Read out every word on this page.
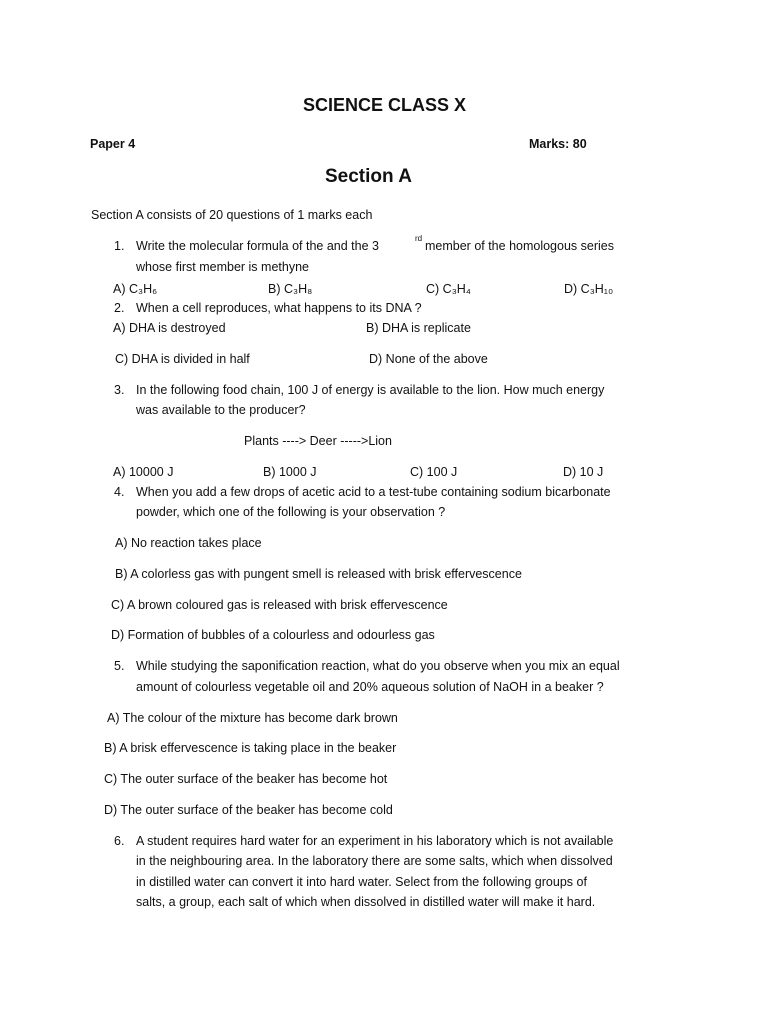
SCIENCE CLASS X
Paper 4	Marks: 80
Section A
Section A consists of 20 questions of 1 marks each
1. Write the molecular formula of the and the 3
rd
member of the homologous series
whose first member is methyne
A) C₃H₆	B) C₃H₈	C) C₃H₄	D) C₃H₁₀
2. When a cell reproduces, what happens to its DNA ?
A) DHA is destroyed	B) DHA is replicate
C) DHA is divided in half	D) None of the above
3. In the following food chain, 100 J of energy is available to the lion. How much energy
was available to the producer?
Plants ----> Deer ----->Lion
A) 10000 J	B) 1000 J	C) 100 J	D) 10 J
4. When you add a few drops of acetic acid to a test-tube containing sodium bicarbonate
powder, which one of the following is your observation ?
A) No reaction takes place
B) A colorless gas with pungent smell is released with brisk effervescence
C) A brown coloured gas is released with brisk effervescence
D) Formation of bubbles of a colourless and odourless gas
5. While studying the saponification reaction, what do you observe when you mix an equal
amount of colourless vegetable oil and 20% aqueous solution of NaOH in a beaker ?
A) The colour of the mixture has become dark brown
B) A brisk effervescence is taking place in the beaker
C) The outer surface of the beaker has become hot
D) The outer surface of the beaker has become cold
6. A student requires hard water for an experiment in his laboratory which is not available
in the neighbouring area. In the laboratory there are some salts, which when dissolved
in distilled water can convert it into hard water. Select from the following groups of
salts, a group, each salt of which when dissolved in distilled water will make it hard.
